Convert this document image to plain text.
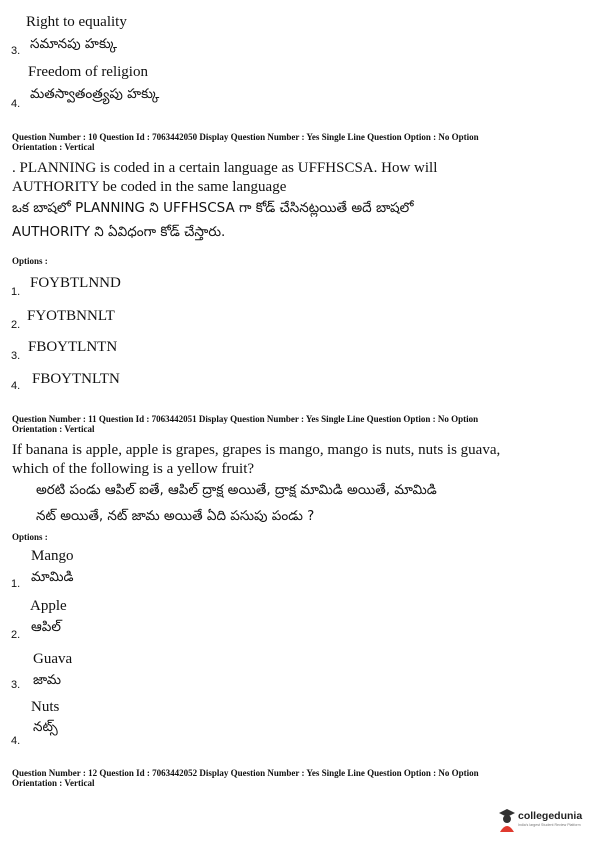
Right to equality
సమానపు హక్కు
3.
Freedom of religion
మతస్వాతంత్ర్యపు హక్కు
4.
Question Number : 10 Question Id : 7063442050 Display Question Number : Yes Single Line Question Option : No Option
Orientation : Vertical
. PLANNING is coded in a certain language as UFFHSCSA. How will
AUTHORITY be coded in the same language
ఒక బాషలో PLANNING ని UFFHSCSA గా కోడ్ చేసినట్లయితే అదే బాషలో
AUTHORITY ని ఏవిధంగా కోడ్ చేస్తారు.
Options :
FOYBTLNND
1.
FYOTBNNLT
2.
FBOYTLNTN
3.
FBOYTNLTN
4.
Question Number : 11 Question Id : 7063442051 Display Question Number : Yes Single Line Question Option : No Option
Orientation : Vertical
If banana is apple, apple is grapes, grapes is mango, mango is nuts, nuts is guava,
which of the following is a yellow fruit?
అరటి పండు ఆపిల్ ఐతే, ఆపిల్ ద్రాక్ష అయితే, ద్రాక్ష మామిడి అయితే, మామిడి
నట్ అయితే, నట్ జామ అయితే ఏది పసుపు పండు ?
Options :
Mango
మామిడి
1.
Apple
ఆపిల్
2.
Guava
జామ
3.
Nuts
నట్స్
4.
Question Number : 12 Question Id : 7063442052 Display Question Number : Yes Single Line Question Option : No Option
Orientation : Vertical
collegedunia
India's largest Student Review Platform
